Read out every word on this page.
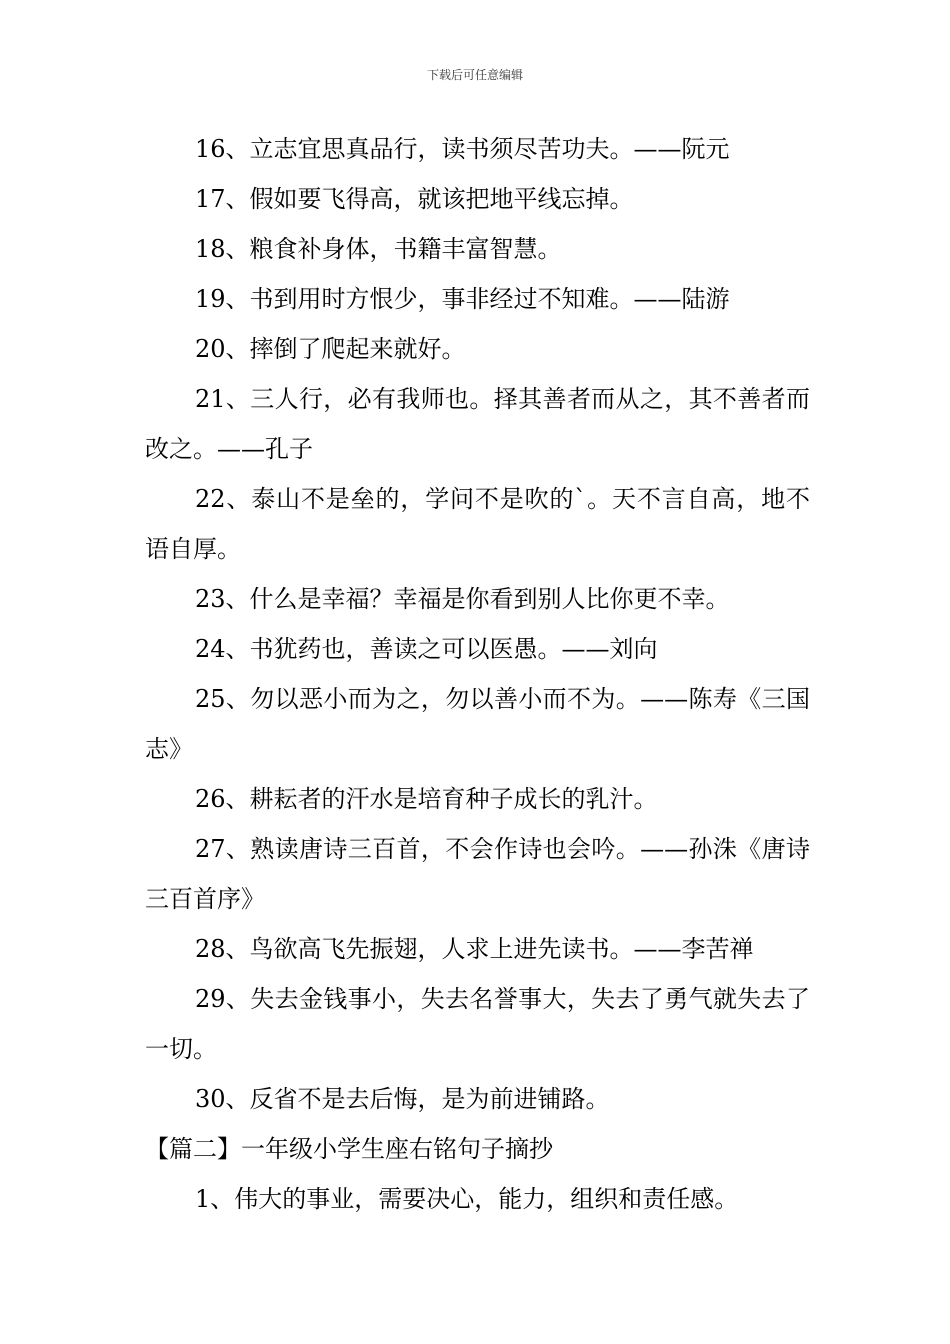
下载后可任意编辑

16、立志宜思真品行，读书须尽苦功夫。——阮元

17、假如要飞得高，就该把地平线忘掉。

18、粮食补身体，书籍丰富智慧。

19、书到用时方恨少，事非经过不知难。——陆游

20、摔倒了爬起来就好。

21、三人行，必有我师也。择其善者而从之，其不善者而改之。——孔子

22、泰山不是垒的，学问不是吹的`。天不言自高，地不语自厚。

23、什么是幸福？幸福是你看到别人比你更不幸。

24、书犹药也，善读之可以医愚。——刘向

25、勿以恶小而为之，勿以善小而不为。——陈寿《三国志》

26、耕耘者的汗水是培育种子成长的乳汁。

27、熟读唐诗三百首，不会作诗也会吟。——孙洙《唐诗三百首序》

28、鸟欲高飞先振翅，人求上进先读书。——李苦禅

29、失去金钱事小，失去名誉事大，失去了勇气就失去了一切。

30、反省不是去后悔，是为前进铺路。

【篇二】一年级小学生座右铭句子摘抄

1、伟大的事业，需要决心，能力，组织和责任感。
